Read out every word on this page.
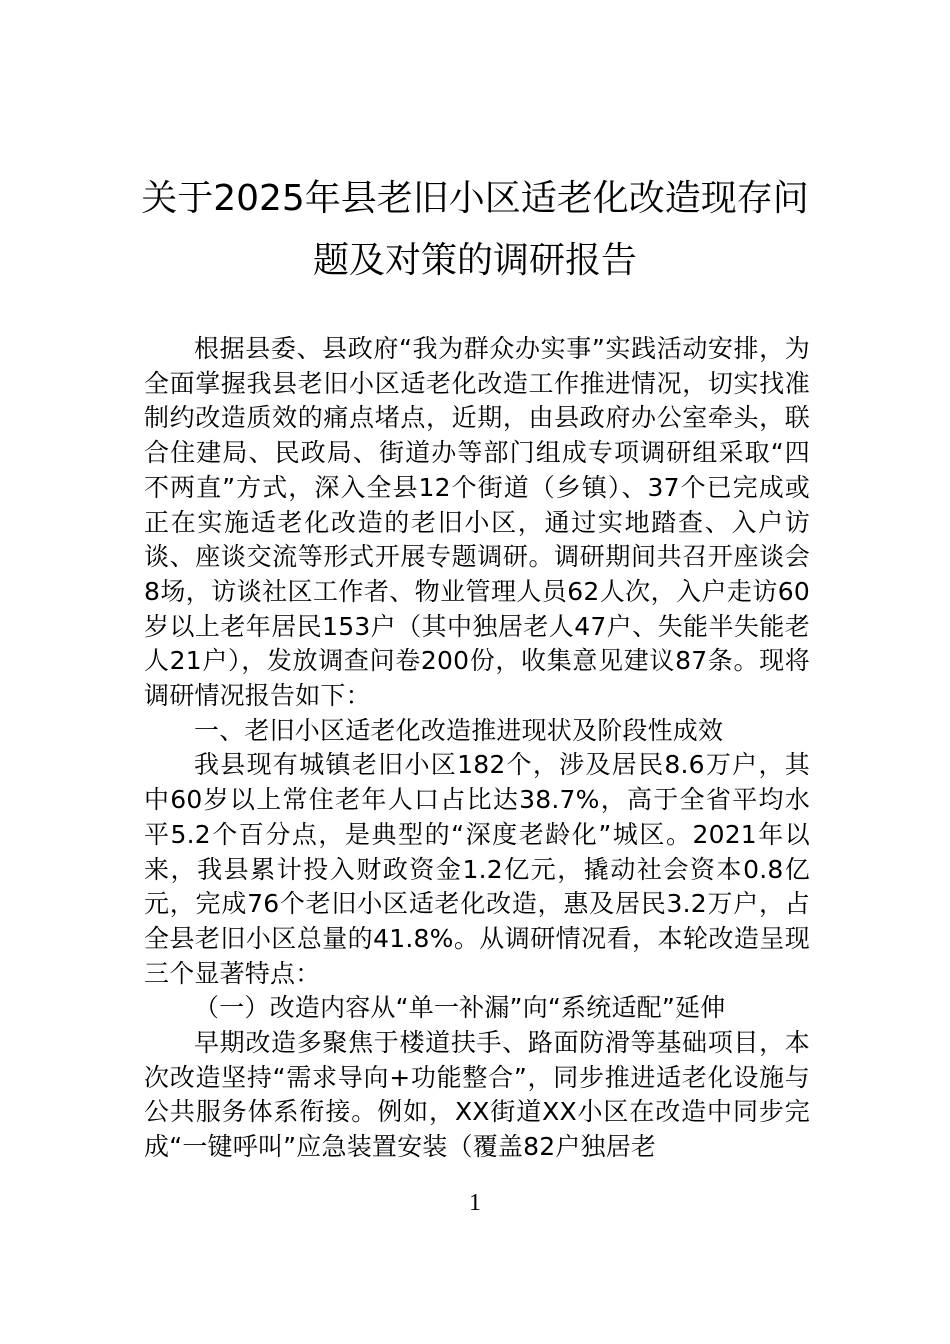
关于2025年县老旧小区适老化改造现存问
题及对策的调研报告

根据县委、县政府“我为群众办实事”实践活动安排，为全面掌握我县老旧小区适老化改造工作推进情况，切实找准制约改造质效的痛点堵点，近期，由县政府办公室牵头，联合住建局、民政局、街道办等部门组成专项调研组采取“四不两直”方式，深入全县12个街道（乡镇）、37个已完成或正在实施适老化改造的老旧小区，通过实地踏查、入户访谈、座谈交流等形式开展专题调研。调研期间共召开座谈会8场，访谈社区工作者、物业管理人员62人次，入户走访60岁以上老年居民153户（其中独居老人47户、失能半失能老人21户），发放调查问卷200份，收集意见建议87条。现将调研情况报告如下：

一、老旧小区适老化改造推进现状及阶段性成效

我县现有城镇老旧小区182个，涉及居民8.6万户，其中60岁以上常住老年人口占比达38.7%，高于全省平均水平5.2个百分点，是典型的“深度老龄化”城区。2021年以来，我县累计投入财政资金1.2亿元，撬动社会资本0.8亿元，完成76个老旧小区适老化改造，惠及居民3.2万户，占全县老旧小区总量的41.8%。从调研情况看，本轮改造呈现三个显著特点：

（一）改造内容从“单一补漏”向“系统适配”延伸

早期改造多聚焦于楼道扶手、路面防滑等基础项目，本次改造坚持“需求导向+功能整合”，同步推进适老化设施与公共服务体系衔接。例如，XX街道XX小区在改造中同步完成“一键呼叫”应急装置安装（覆盖82户独居老

1
